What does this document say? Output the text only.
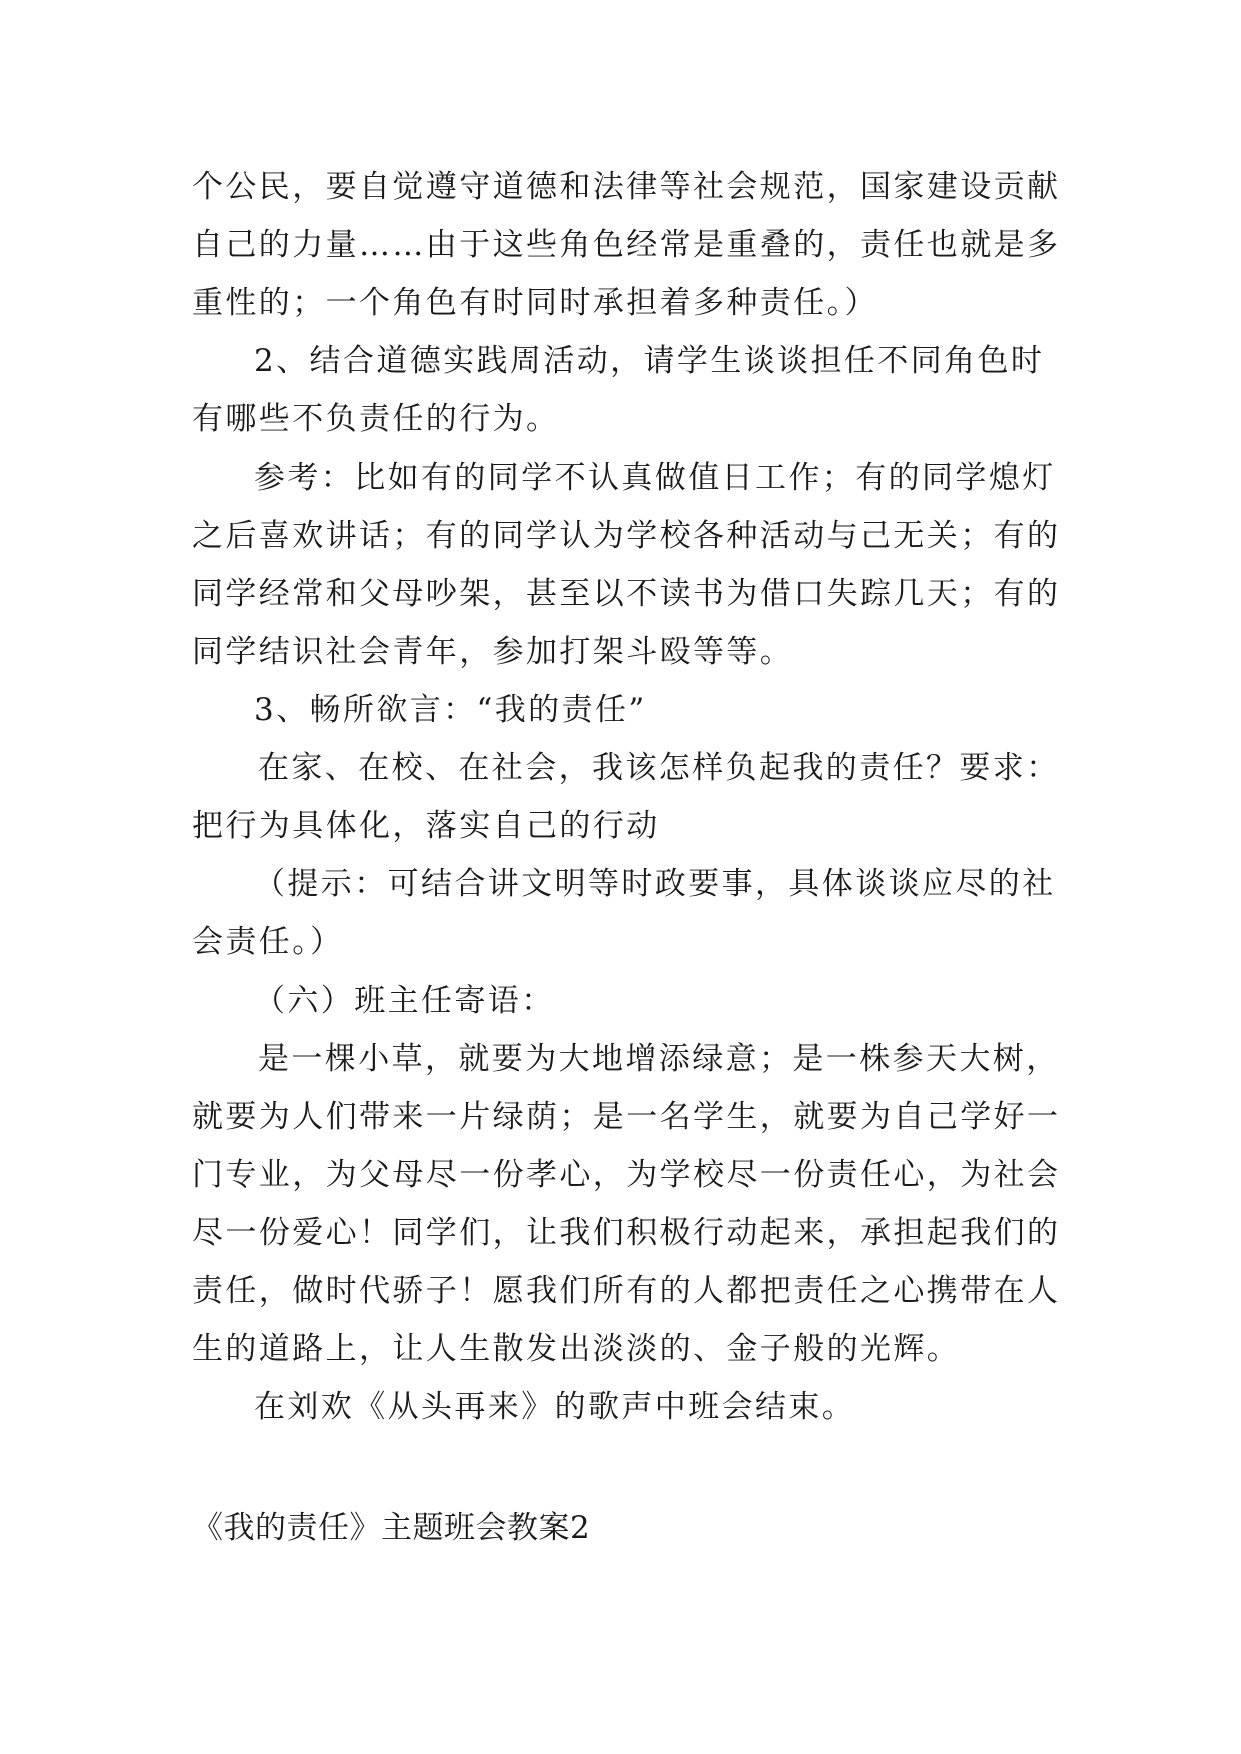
个公民，要自觉遵守道德和法律等社会规范，国家建设贡献
自己的力量……由于这些角色经常是重叠的，责任也就是多
重性的；一个角色有时同时承担着多种责任。）
2、结合道德实践周活动，请学生谈谈担任不同角色时
有哪些不负责任的行为。
参考：比如有的同学不认真做值日工作；有的同学熄灯
之后喜欢讲话；有的同学认为学校各种活动与己无关；有的
同学经常和父母吵架，甚至以不读书为借口失踪几天；有的
同学结识社会青年，参加打架斗殴等等。
3、畅所欲言：“我的责任”
在家、在校、在社会，我该怎样负起我的责任？要求：
把行为具体化，落实自己的行动
（提示：可结合讲文明等时政要事，具体谈谈应尽的社
会责任。）
（六）班主任寄语：
是一棵小草，就要为大地增添绿意；是一株参天大树，
就要为人们带来一片绿荫；是一名学生，就要为自己学好一
门专业，为父母尽一份孝心，为学校尽一份责任心，为社会
尽一份爱心！同学们，让我们积极行动起来，承担起我们的
责任，做时代骄子！愿我们所有的人都把责任之心携带在人
生的道路上，让人生散发出淡淡的、金子般的光辉。
在刘欢《从头再来》的歌声中班会结束。
《我的责任》主题班会教案2
